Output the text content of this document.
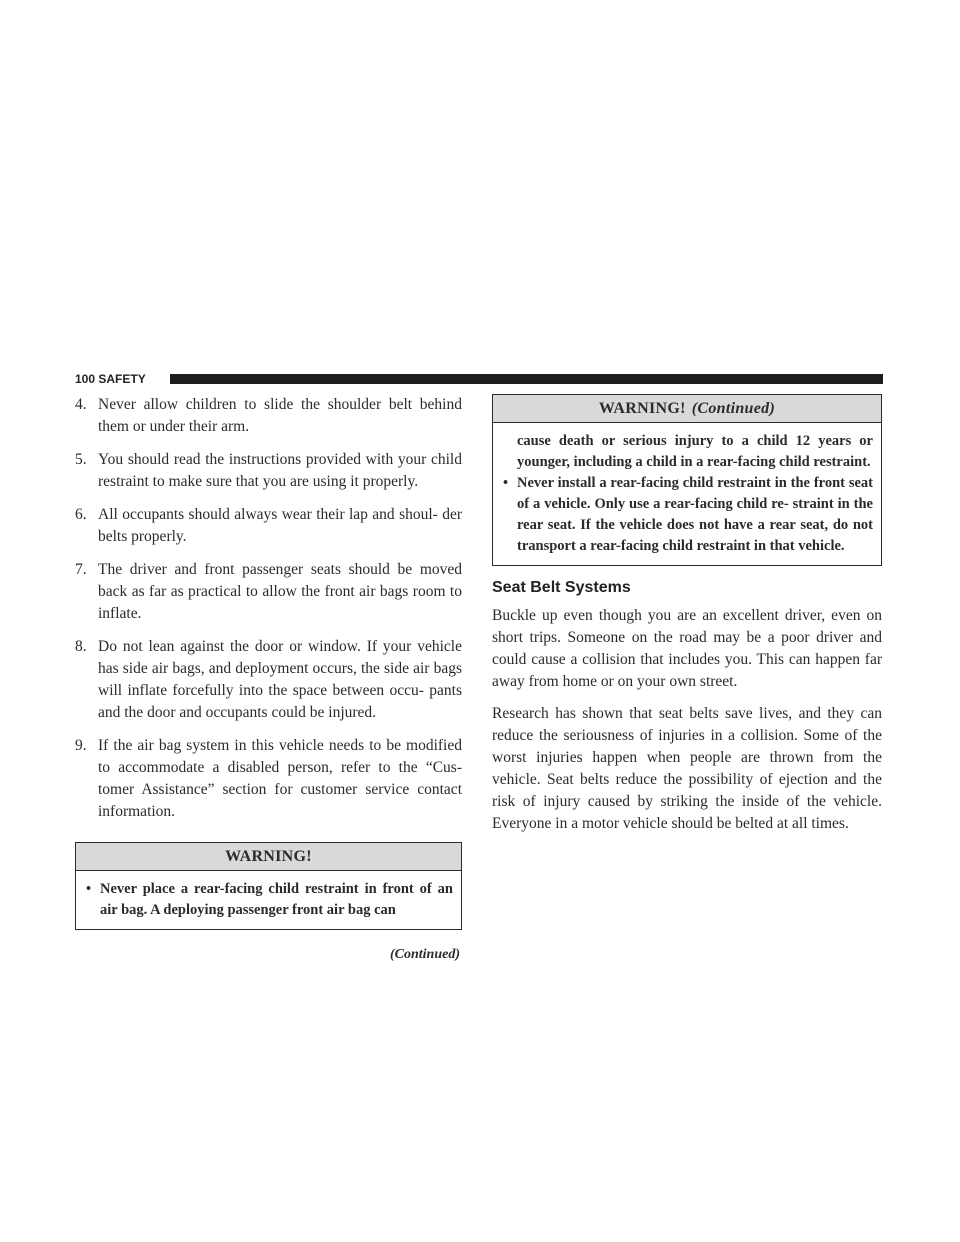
100 SAFETY
4. Never allow children to slide the shoulder belt behind them or under their arm.
5. You should read the instructions provided with your child restraint to make sure that you are using it properly.
6. All occupants should always wear their lap and shoul- der belts properly.
7. The driver and front passenger seats should be moved back as far as practical to allow the front air bags room to inflate.
8. Do not lean against the door or window. If your vehicle has side air bags, and deployment occurs, the side air bags will inflate forcefully into the space between occu- pants and the door and occupants could be injured.
9. If the air bag system in this vehicle needs to be modified to accommodate a disabled person, refer to the “Cus- tomer Assistance” section for customer service contact information.
WARNING!
• Never place a rear-facing child restraint in front of an air bag. A deploying passenger front air bag can
(Continued)
WARNING! (Continued)
cause death or serious injury to a child 12 years or younger, including a child in a rear-facing child restraint.
• Never install a rear-facing child restraint in the front seat of a vehicle. Only use a rear-facing child re- straint in the rear seat. If the vehicle does not have a rear seat, do not transport a rear-facing child restraint in that vehicle.
Seat Belt Systems

Buckle up even though you are an excellent driver, even on short trips. Someone on the road may be a poor driver and could cause a collision that includes you. This can happen far away from home or on your own street.

Research has shown that seat belts save lives, and they can reduce the seriousness of injuries in a collision. Some of the worst injuries happen when people are thrown from the vehicle. Seat belts reduce the possibility of ejection and the risk of injury caused by striking the inside of the vehicle. Everyone in a motor vehicle should be belted at all times.
